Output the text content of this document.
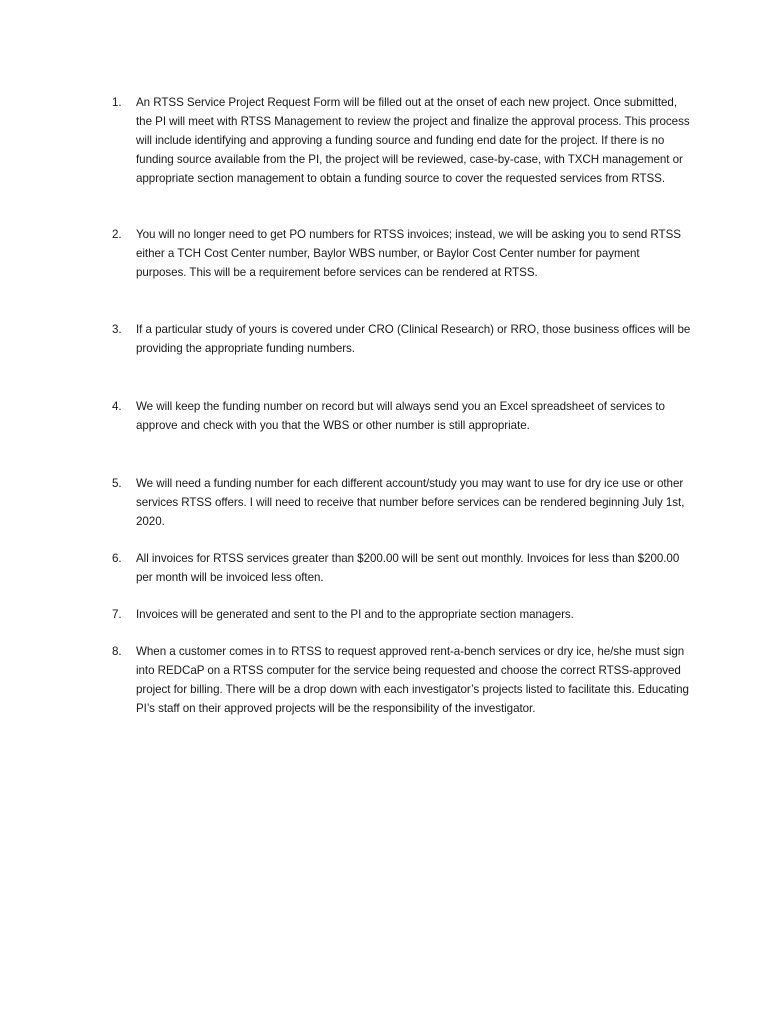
1.	An RTSS Service Project Request Form will be filled out at the onset of each new project. Once submitted, the PI will meet with RTSS Management to review the project and finalize the approval process. This process will include identifying and approving a funding source and funding end date for the project. If there is no funding source available from the PI, the project will be reviewed, case-by-case, with TXCH management or appropriate section management to obtain a funding source to cover the requested services from RTSS.
2.	You will no longer need to get PO numbers for RTSS invoices; instead, we will be asking you to send RTSS either a TCH Cost Center number, Baylor WBS number, or Baylor Cost Center number for payment purposes. This will be a requirement before services can be rendered at RTSS.
3.	If a particular study of yours is covered under CRO (Clinical Research) or RRO, those business offices will be providing the appropriate funding numbers.
4.	We will keep the funding number on record but will always send you an Excel spreadsheet of services to approve and check with you that the WBS or other number is still appropriate.
5.	We will need a funding number for each different account/study you may want to use for dry ice use or other services RTSS offers. I will need to receive that number before services can be rendered beginning July 1st, 2020.
6.	All invoices for RTSS services greater than $200.00 will be sent out monthly. Invoices for less than $200.00 per month will be invoiced less often.
7.	Invoices will be generated and sent to the PI and to the appropriate section managers.
8.	When a customer comes in to RTSS to request approved rent-a-bench services or dry ice, he/she must sign into REDCaP on a RTSS computer for the service being requested and choose the correct RTSS-approved project for billing. There will be a drop down with each investigator’s projects listed to facilitate this. Educating PI’s staff on their approved projects will be the responsibility of the investigator.
